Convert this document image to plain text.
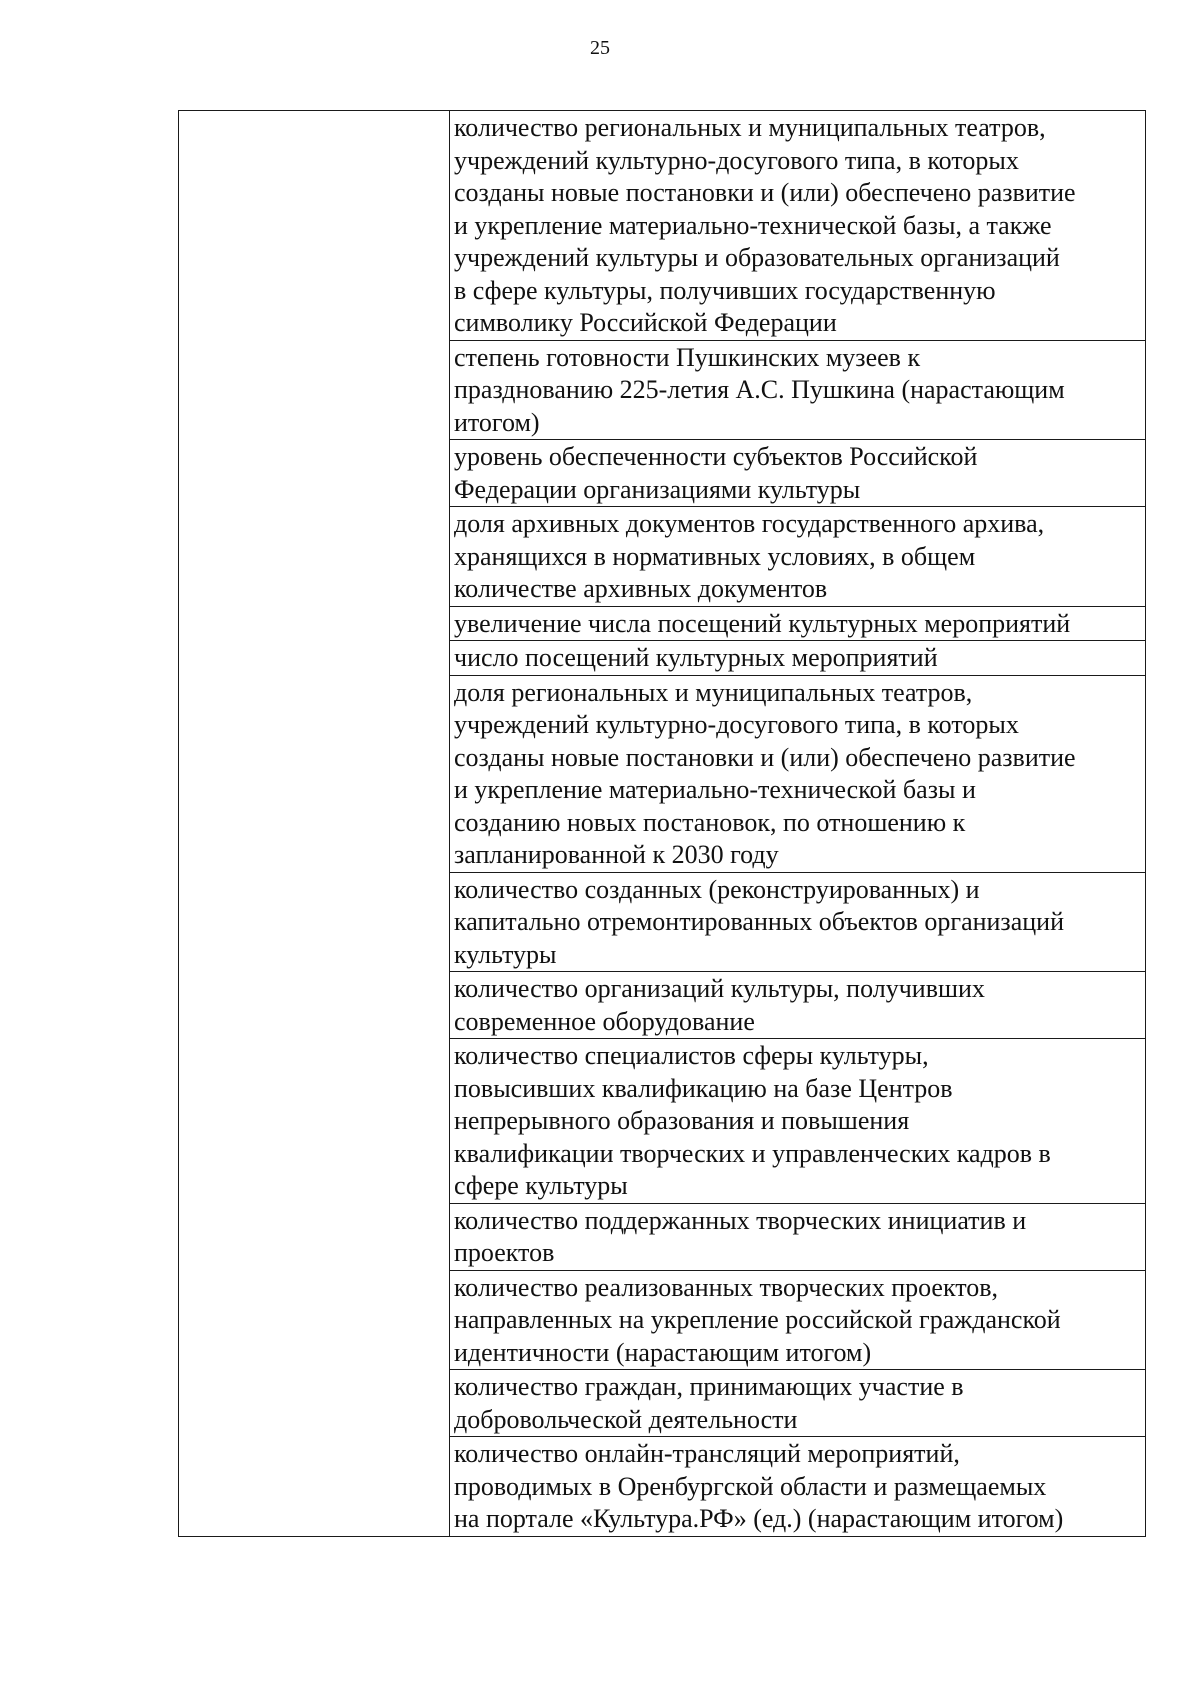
25

количество региональных и муниципальных театров,
учреждений культурно-досугового типа, в которых
созданы новые постановки и (или) обеспечено развитие
и укрепление материально-технической базы, а также
учреждений культуры и образовательных организаций
в сфере культуры, получивших государственную
символику Российской Федерации

степень готовности Пушкинских музеев к
празднованию 225-летия А.С. Пушкина (нарастающим
итогом)

уровень обеспеченности субъектов Российской
Федерации организациями культуры

доля архивных документов государственного архива,
хранящихся в нормативных условиях, в общем
количестве архивных документов

увеличение числа посещений культурных мероприятий

число посещений культурных мероприятий

доля региональных и муниципальных театров,
учреждений культурно-досугового типа, в которых
созданы новые постановки и (или) обеспечено развитие
и укрепление материально-технической базы и
созданию новых постановок, по отношению к
запланированной к 2030 году

количество созданных (реконструированных) и
капитально отремонтированных объектов организаций
культуры

количество организаций культуры, получивших
современное оборудование

количество специалистов сферы культуры,
повысивших квалификацию на базе Центров
непрерывного образования и повышения
квалификации творческих и управленческих кадров в
сфере культуры

количество поддержанных творческих инициатив и
проектов

количество реализованных творческих проектов,
направленных на укрепление российской гражданской
идентичности (нарастающим итогом)

количество граждан, принимающих участие в
добровольческой деятельности

количество онлайн-трансляций мероприятий,
проводимых в Оренбургской области и размещаемых
на портале «Культура.РФ» (ед.) (нарастающим итогом)
